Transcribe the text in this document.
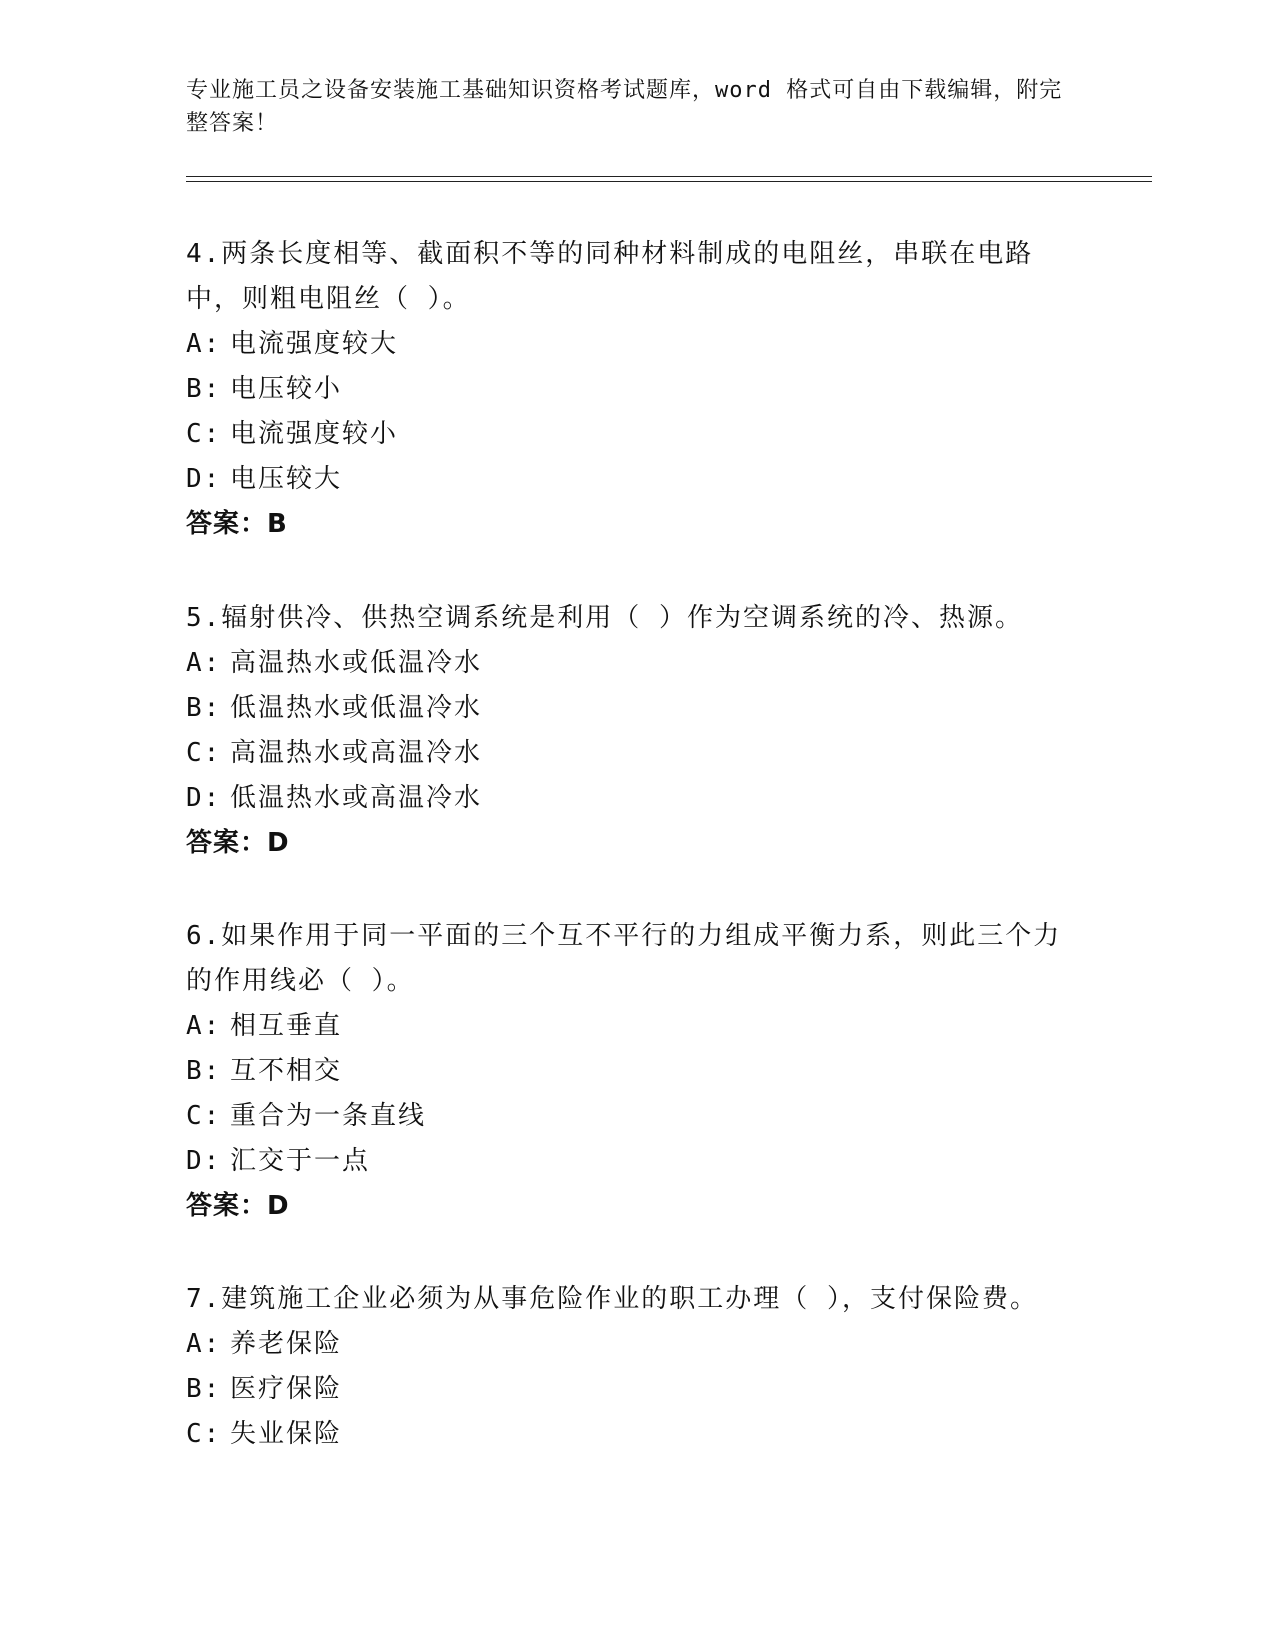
专业施工员之设备安装施工基础知识资格考试题库，word 格式可自由下载编辑，附完整答案！

4.两条长度相等、截面积不等的同种材料制成的电阻丝，串联在电路中，则粗电阻丝（ ）。

A: 电流强度较大
B: 电压较小
C: 电流强度较小
D: 电压较大
答案：B

5.辐射供冷、供热空调系统是利用（ ）作为空调系统的冷、热源。

A: 高温热水或低温冷水
B: 低温热水或低温冷水
C: 高温热水或高温冷水
D: 低温热水或高温冷水
答案：D

6.如果作用于同一平面的三个互不平行的力组成平衡力系，则此三个力的作用线必（ ）。

A: 相互垂直
B: 互不相交
C: 重合为一条直线
D: 汇交于一点
答案：D

7.建筑施工企业必须为从事危险作业的职工办理（ ），支付保险费。

A: 养老保险
B: 医疗保险
C: 失业保险
